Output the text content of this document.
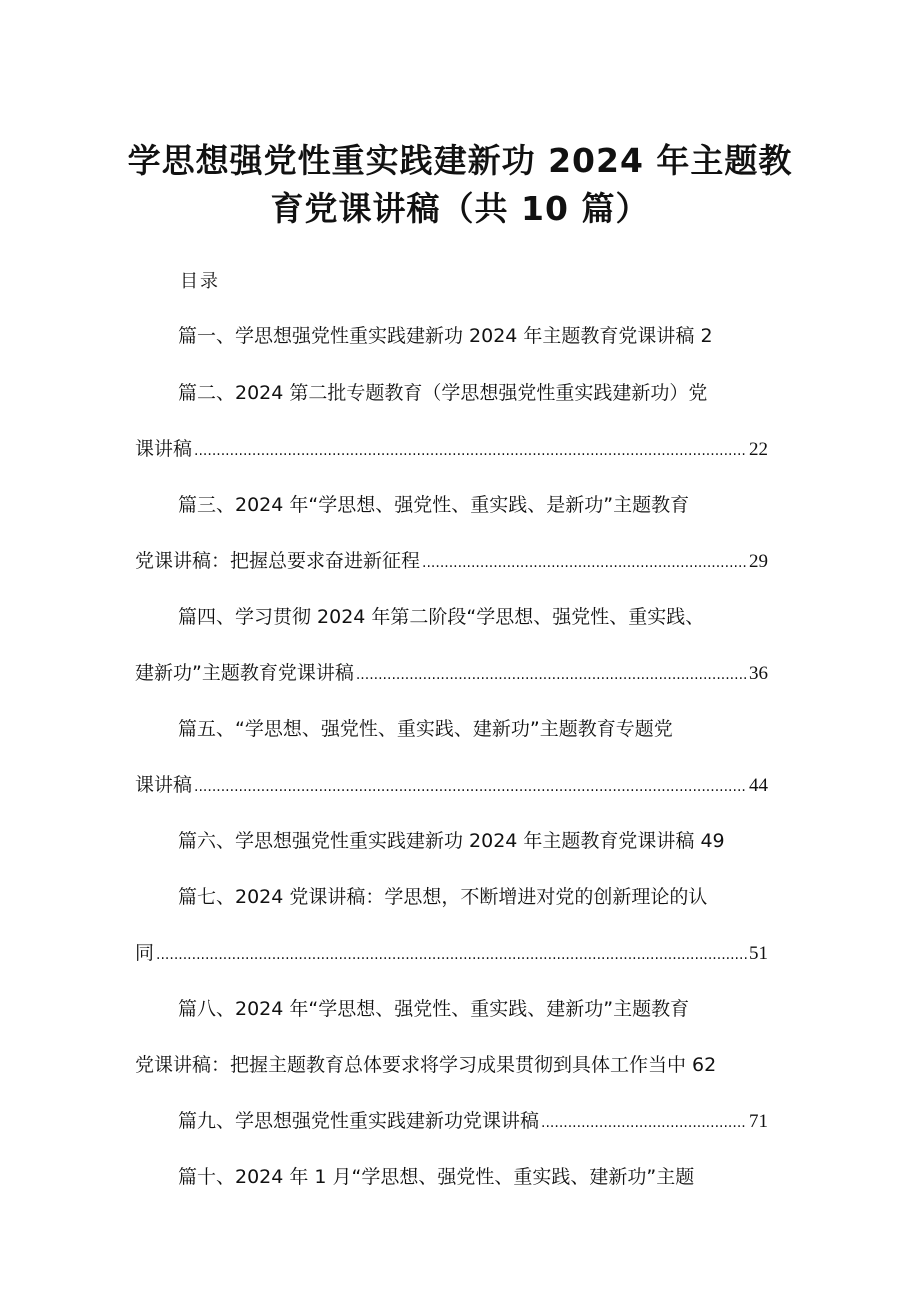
学思想强党性重实践建新功 2024 年主题教
育党课讲稿（共 10 篇）
目录
篇一、学思想强党性重实践建新功 2024 年主题教育党课讲稿 2
篇二、2024 第二批专题教育（学思想强党性重实践建新功）党
课讲稿 .....	22
篇三、2024 年“学思想、强党性、重实践、是新功”主题教育
党课讲稿：把握总要求奋进新征程 .....	29
篇四、学习贯彻 2024 年第二阶段“学思想、强党性、重实践、
建新功”主题教育党课讲稿 .....	36
篇五、“学思想、强党性、重实践、建新功”主题教育专题党
课讲稿 .....	44
篇六、学思想强党性重实践建新功 2024 年主题教育党课讲稿 49
篇七、2024 党课讲稿：学思想，不断增进对党的创新理论的认
同 .....	51
篇八、2024 年“学思想、强党性、重实践、建新功”主题教育
党课讲稿：把握主题教育总体要求将学习成果贯彻到具体工作当中 62
篇九、学思想强党性重实践建新功党课讲稿 .....	71
篇十、2024 年 1 月“学思想、强党性、重实践、建新功”主题
